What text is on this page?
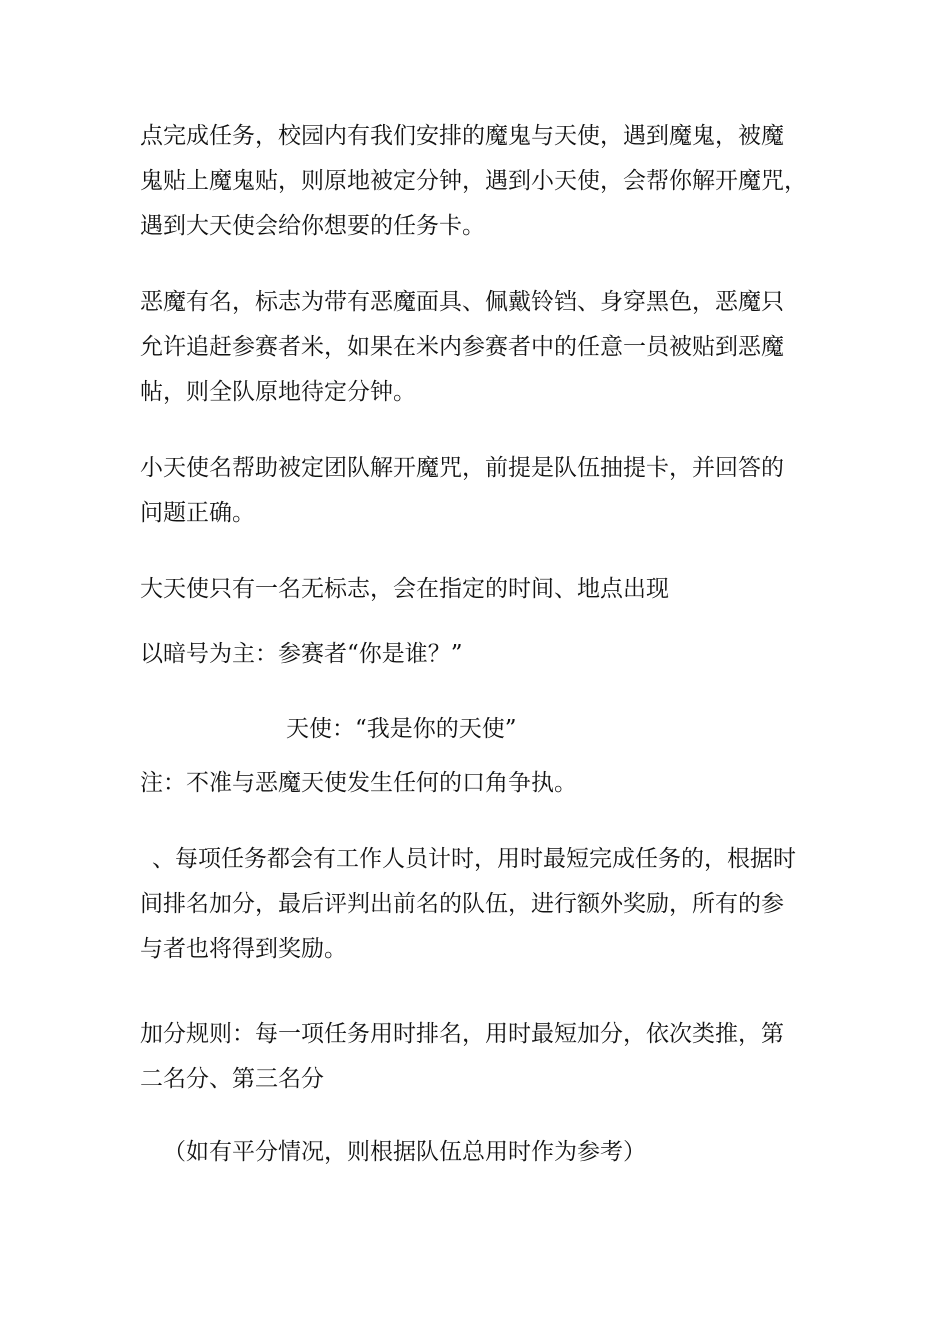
点完成任务，校园内有我们安排的魔鬼与天使，遇到魔鬼，被魔
鬼贴上魔鬼贴，则原地被定分钟，遇到小天使，会帮你解开魔咒，
遇到大天使会给你想要的任务卡。

恶魔有名，标志为带有恶魔面具、佩戴铃铛、身穿黑色，恶魔只
允许追赶参赛者米，如果在米内参赛者中的任意一员被贴到恶魔
帖，则全队原地待定分钟。

小天使名帮助被定团队解开魔咒，前提是队伍抽提卡，并回答的
问题正确。

大天使只有一名无标志，会在指定的时间、地点出现

以暗号为主：参赛者“你是谁？”

天使：“我是你的天使”

注：不准与恶魔天使发生任何的口角争执。

、每项任务都会有工作人员计时，用时最短完成任务的，根据时
间排名加分，最后评判出前名的队伍，进行额外奖励，所有的参
与者也将得到奖励。

加分规则：每一项任务用时排名，用时最短加分，依次类推，第
二名分、第三名分

（如有平分情况，则根据队伍总用时作为参考）
